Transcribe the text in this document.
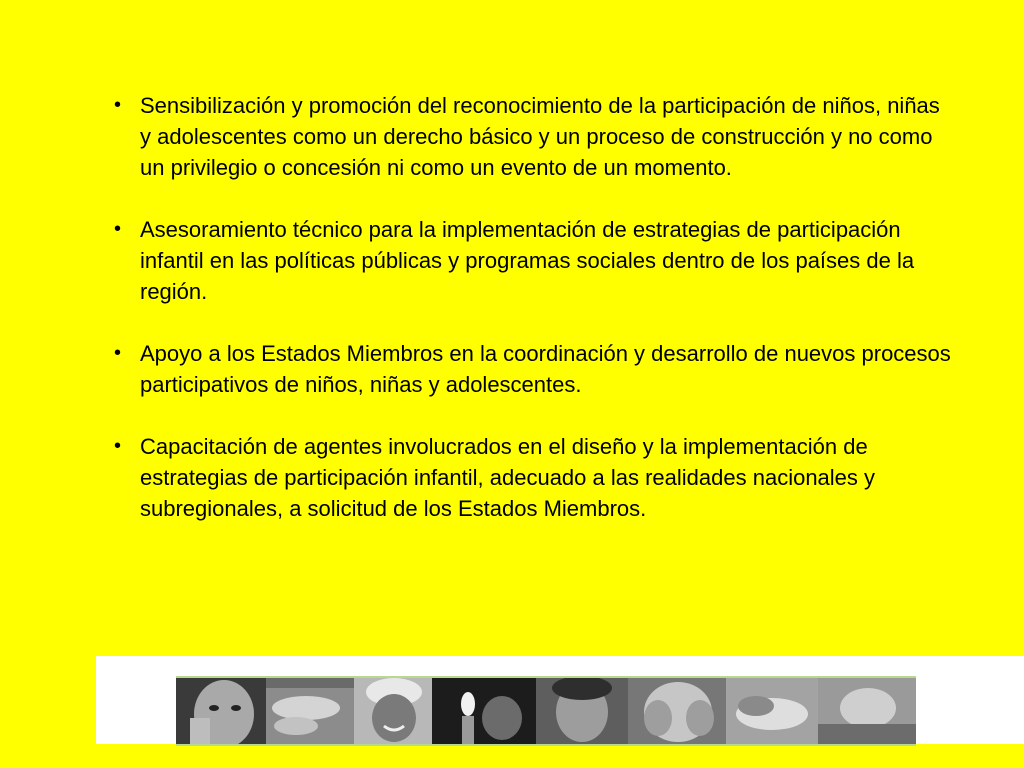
• Sensibilización y promoción del reconocimiento de la participación de niños, niñas y adolescentes como un derecho básico y un proceso de construcción y no como un privilegio o concesión ni como un evento de un momento.
• Asesoramiento técnico para la implementación de estrategias de participación infantil en las políticas públicas y programas sociales dentro de los países de la región.
• Apoyo a los Estados Miembros en la coordinación y desarrollo de nuevos procesos participativos de niños, niñas y adolescentes.
• Capacitación de agentes involucrados en el diseño y la implementación de estrategias de participación infantil, adecuado a las realidades nacionales y subregionales, a solicitud de los Estados Miembros.
